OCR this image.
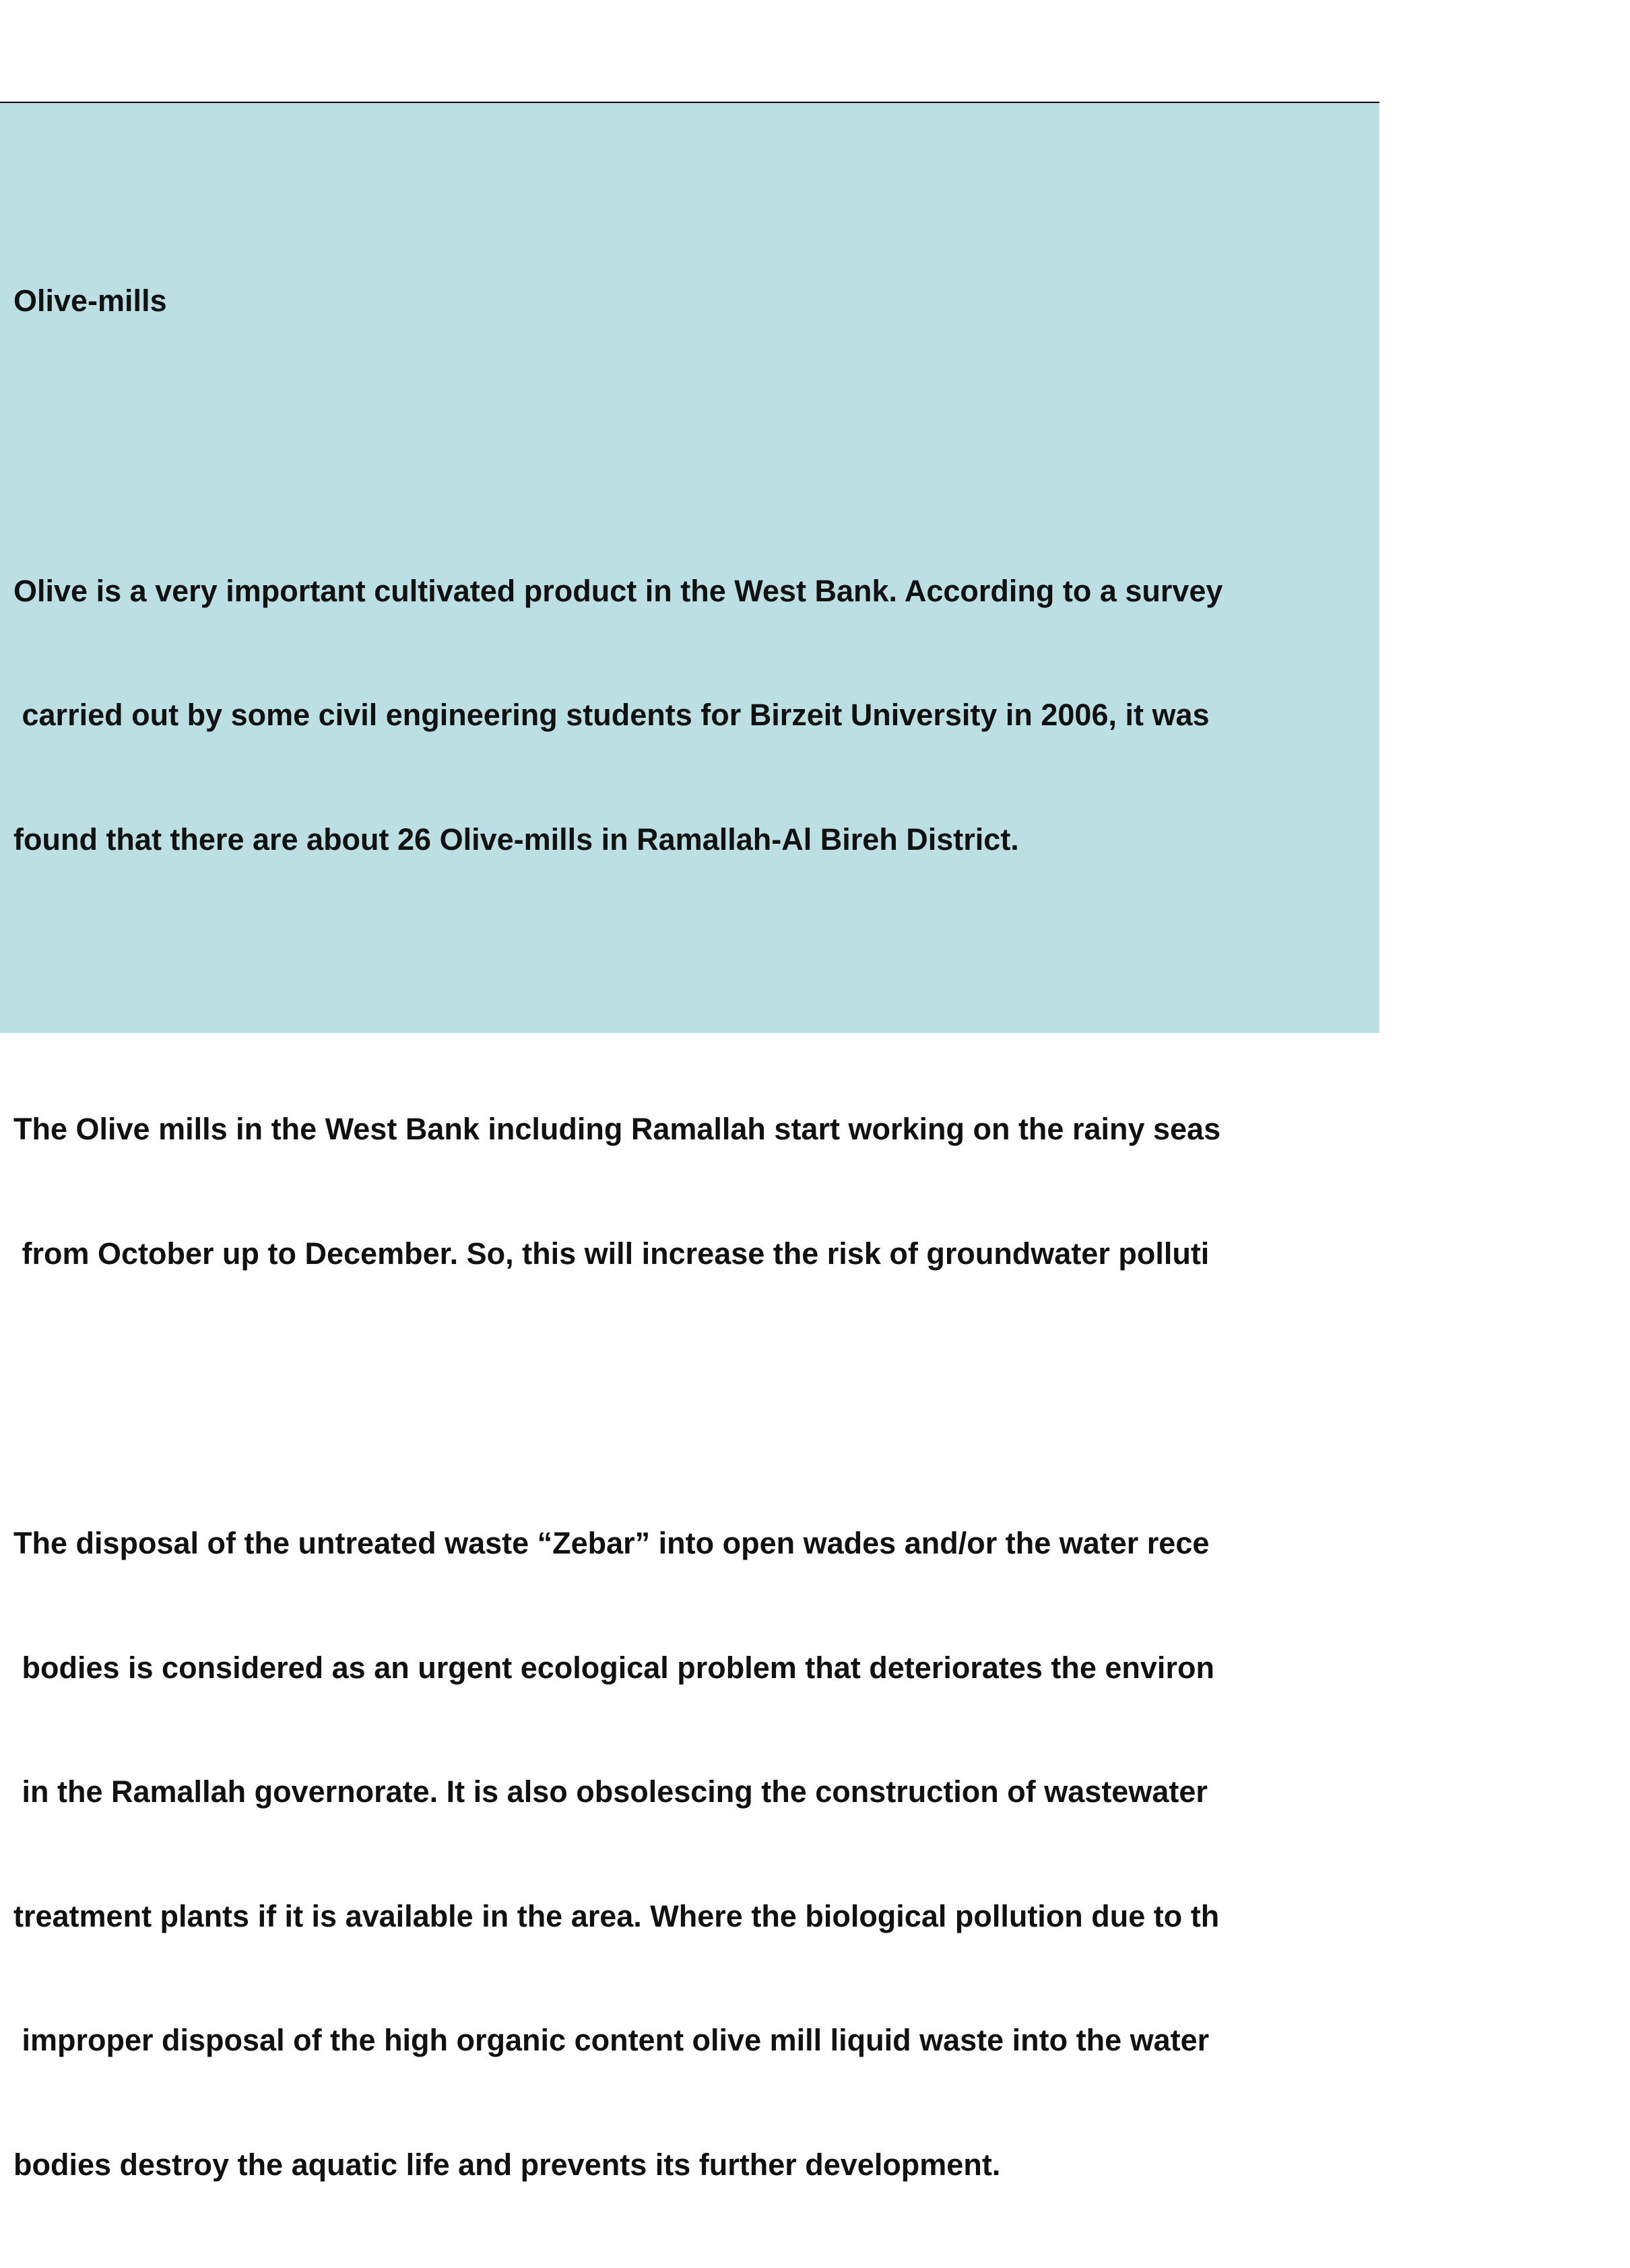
Olive-mills

Olive is a very important cultivated product in the West Bank. According to a survey

carried out by some civil engineering students for Birzeit University in 2006, it was

found that there are about 26 Olive-mills in Ramallah-Al Bireh District.

The Olive mills in the West Bank including Ramallah start working on the rainy seas

from October up to December. So, this will increase the risk of groundwater polluti

The disposal of the untreated waste “Zebar” into open wades and/or the water rece

bodies is considered as an urgent ecological problem that deteriorates the environ

in the Ramallah governorate. It is also obsolescing the construction of wastewater

treatment plants if it is available in the area. Where the biological pollution due to th

improper disposal of the high organic content olive mill liquid waste into the water

bodies destroy the aquatic life and prevents its further development.
